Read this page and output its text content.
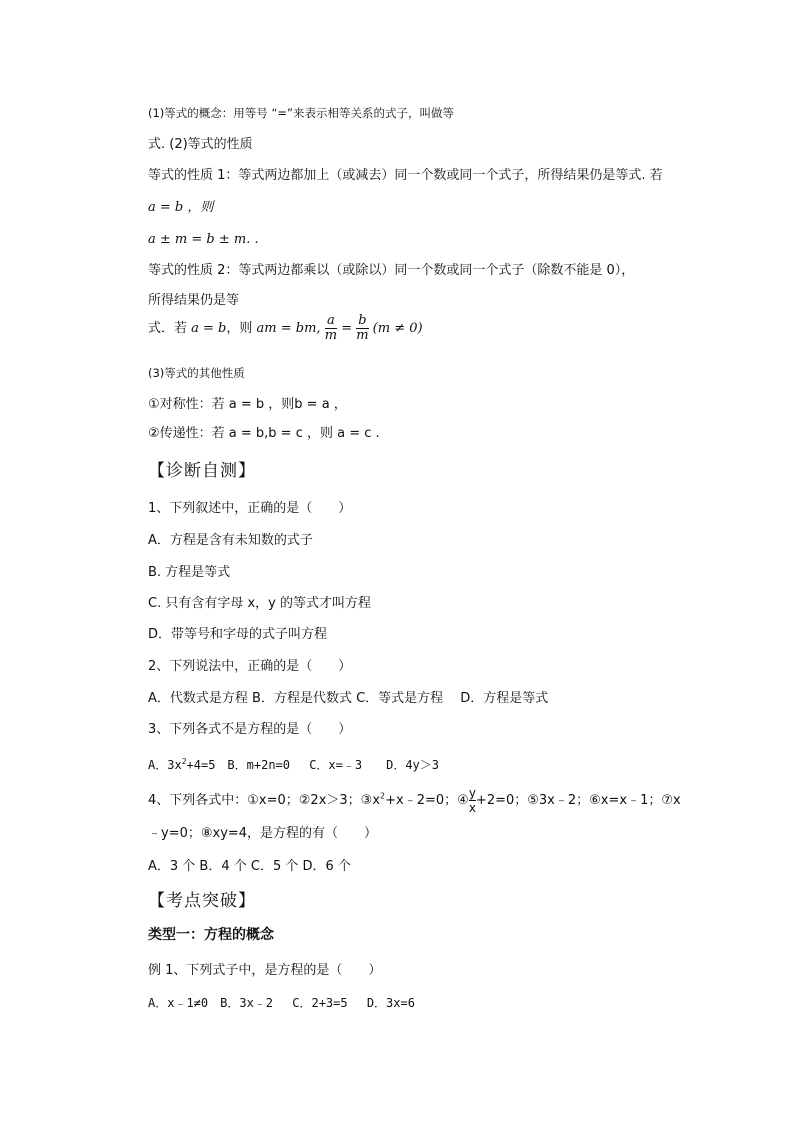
(1)等式的概念：用等号 “=”来表示相等关系的式子，叫做等
式. (2)等式的性质
等式的性质 1：等式两边都加上（或减去）同一个数或同一个式子，所得结果仍是等式. 若
a = b ，则
a ± m = b ± m. .
等式的性质 2：等式两边都乘以（或除以）同一个数或同一个式子（除数不能是 0），
所得结果仍是等
式．若 a = b，则 am = bm, $\frac{a}{m} = \frac{b}{m} (m \ne 0)$
(3)等式的其他性质
①对称性：若 a = b ，则b = a ，
②传递性：若 a = b,b = c ，则 a = c .
【诊断自测】
1、下列叙述中，正确的是（　　）
A．方程是含有未知数的式子
B. 方程是等式
C. 只有含有字母 x，y 的等式才叫方程
D．带等号和字母的式子叫方程
2、下列说法中，正确的是（　　）
A．代数式是方程 B．方程是代数式 C．等式是方程　 D．方程是等式
3、下列各式不是方程的是（　　）
A．$3x^2+4=5$　B．m+2n=0　 C．x=﹣3　　D．4y＞3
4、下列各式中：①x=0；②2x＞3；$③x^2+x﹣2=0$；④ $\frac{y}{x} +2=0$；⑤3x﹣2；⑥x=x﹣1；⑦x
﹣y=0；⑧xy=4，是方程的有（　　）
A．3 个 B．4 个 C．5 个 D．6 个
【考点突破】
类型一：方程的概念
例 1、下列式子中，是方程的是（　　）
A．x﹣1≠0　B．3x﹣2　 C．2+3=5　 D．3x=6
